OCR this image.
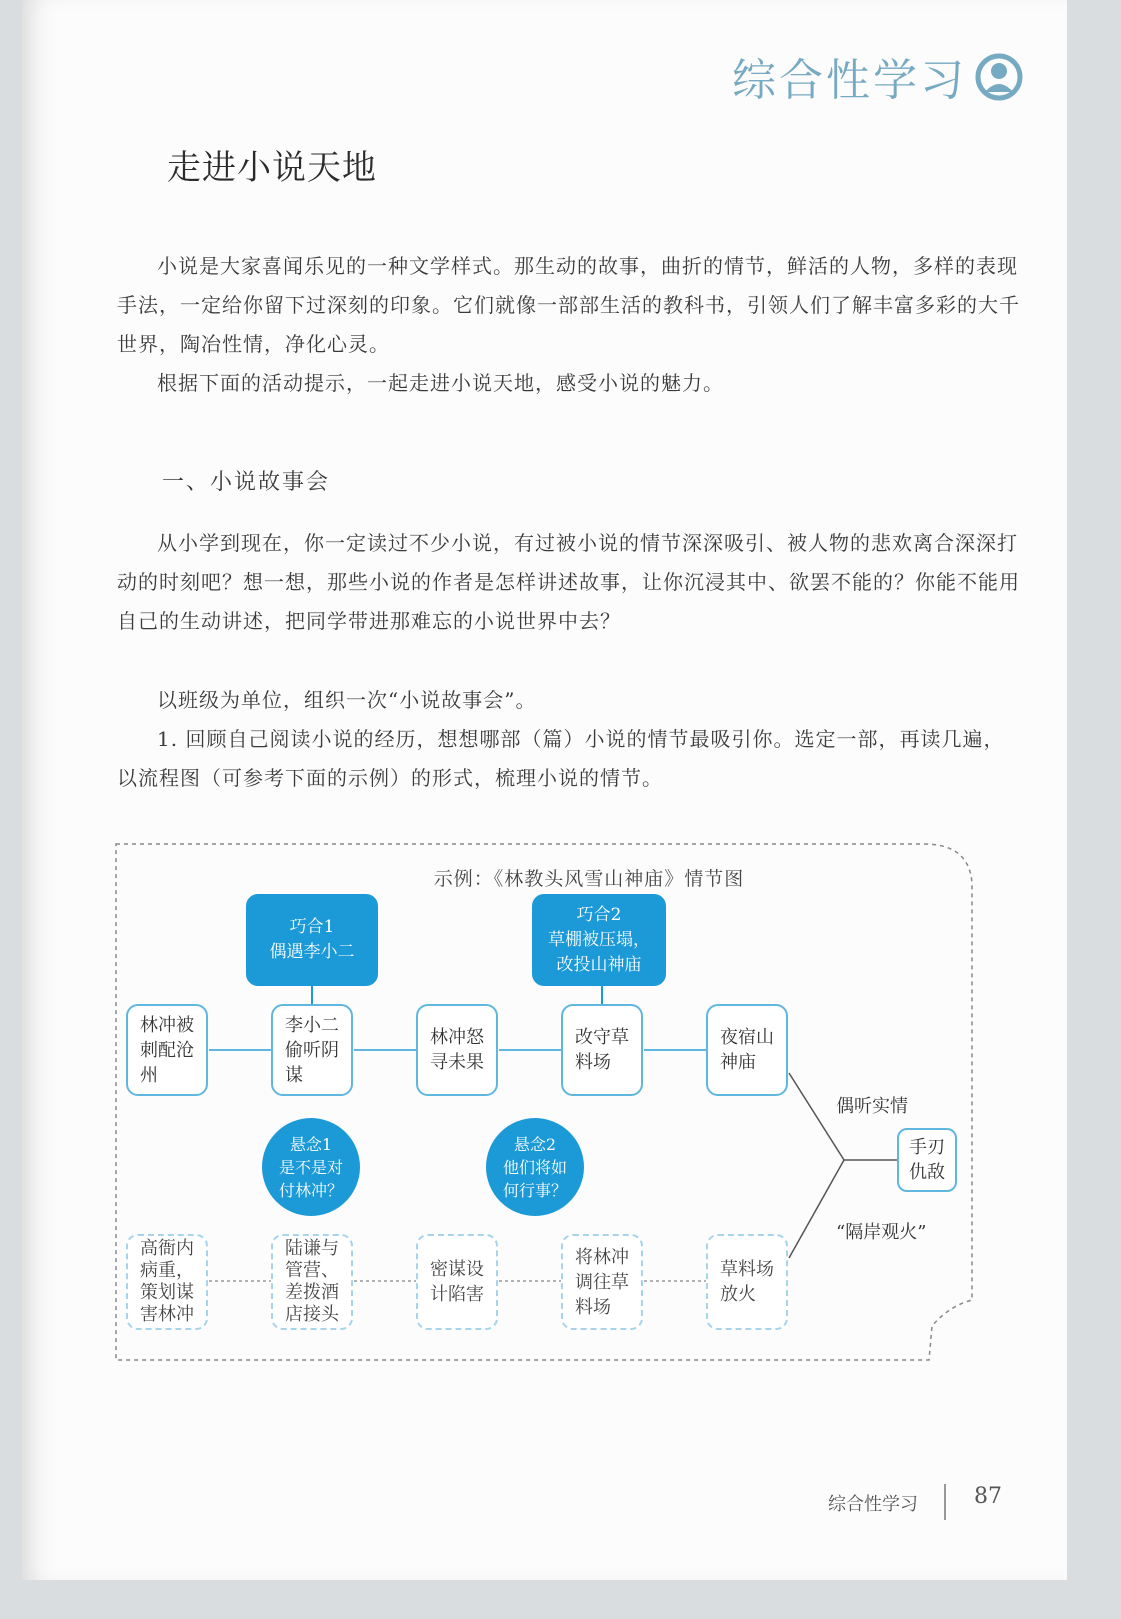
综合性学习
走进小说天地
小说是大家喜闻乐见的一种文学样式。那生动的故事，曲折的情节，鲜活的人物，多样的表现手法，一定给你留下过深刻的印象。它们就像一部部生活的教科书，引领人们了解丰富多彩的大千世界，陶冶性情，净化心灵。
根据下面的活动提示，一起走进小说天地，感受小说的魅力。
一、小说故事会
从小学到现在，你一定读过不少小说，有过被小说的情节深深吸引、被人物的悲欢离合深深打动的时刻吧？想一想，那些小说的作者是怎样讲述故事，让你沉浸其中、欲罢不能的？你能不能用自己的生动讲述，把同学带进那难忘的小说世界中去？
以班级为单位，组织一次“小说故事会”。
1. 回顾自己阅读小说的经历，想想哪部（篇）小说的情节最吸引你。选定一部，再读几遍，以流程图（可参考下面的示例）的形式，梳理小说的情节。
示例：《林教头风雪山神庙》情节图
巧合1
偶遇李小二
巧合2
草棚被压塌，
改投山神庙
林冲被
刺配沧
州
李小二
偷听阴
谋
林冲怒
寻未果
改守草
料场
夜宿山
神庙
悬念1
是不是对
付林冲？
悬念2
他们将如
何行事？
偶听实情
“隔岸观火”
手刃
仇敌
高衙内
病重，
策划谋
害林冲
陆谦与
管营、
差拨酒
店接头
密谋设
计陷害
将林冲
调往草
料场
草料场
放火
综合性学习	87
